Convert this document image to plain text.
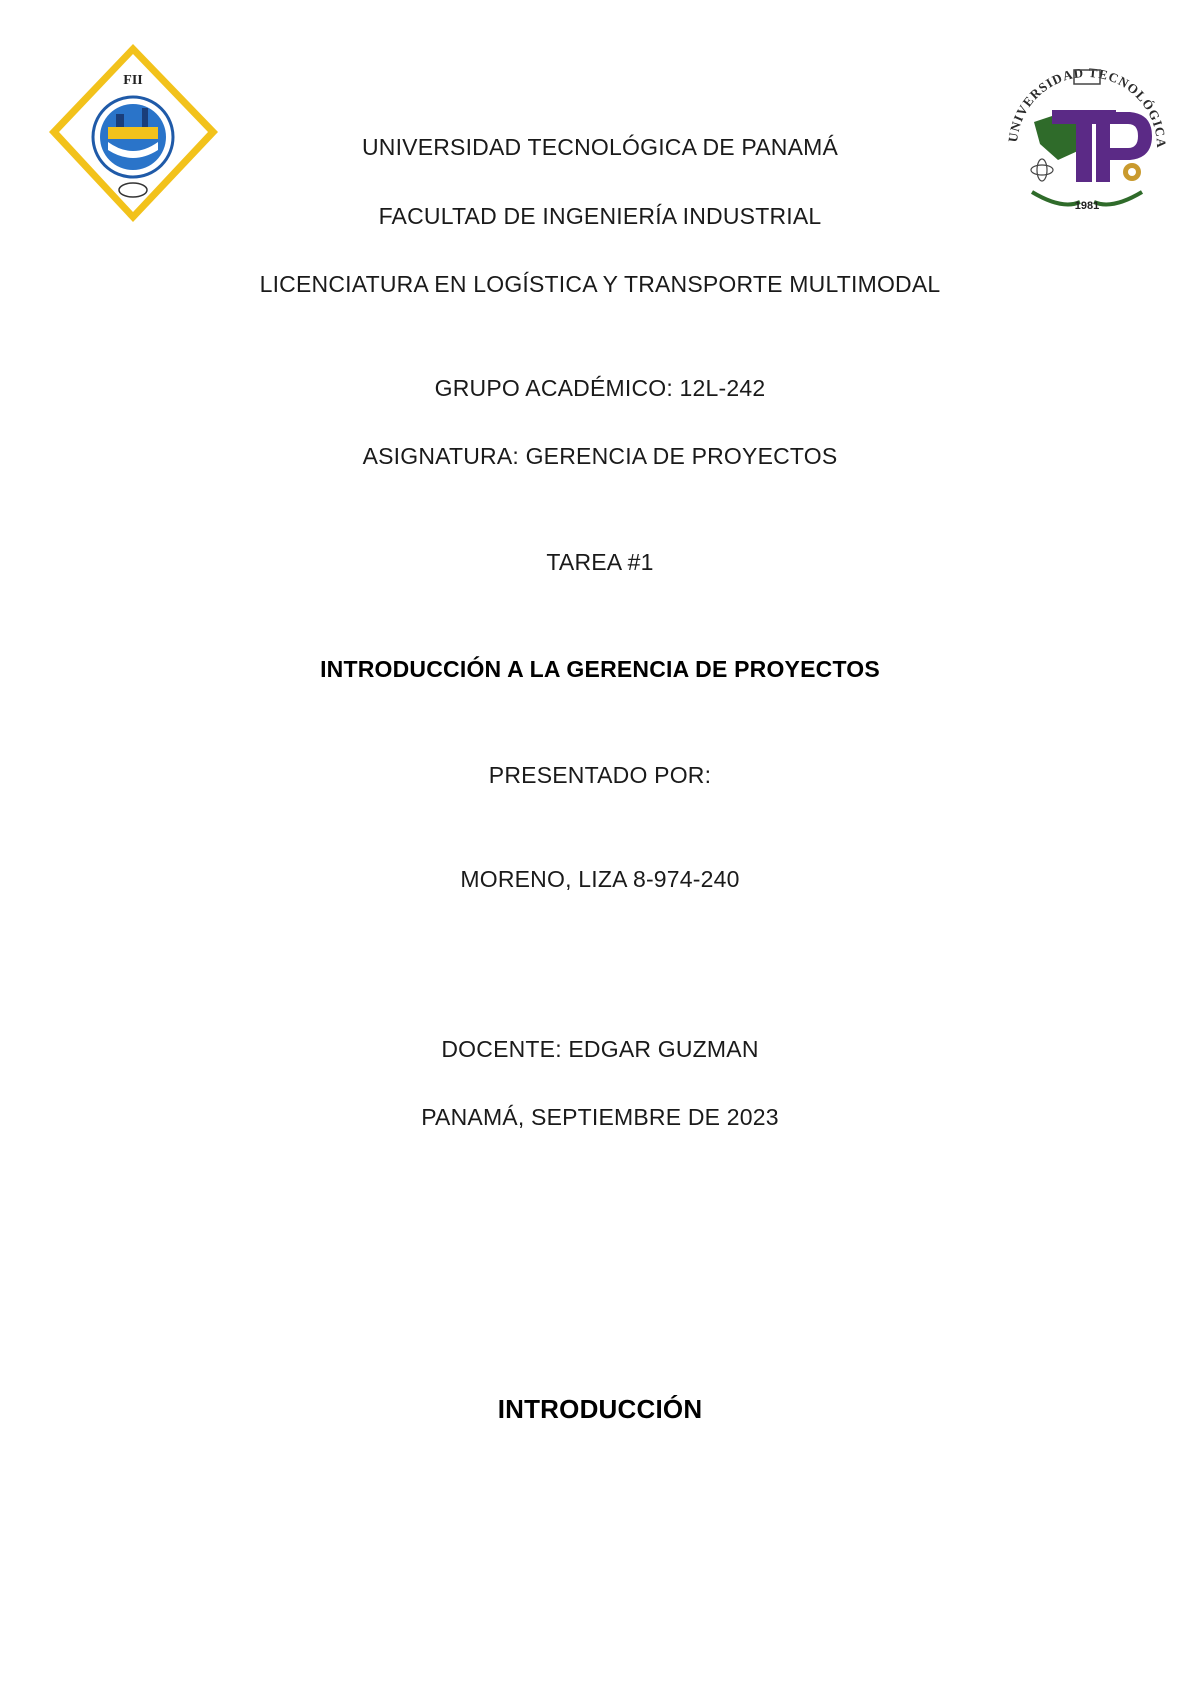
FII
UNIVERSIDAD TECNOLÓGICA
1981
UNIVERSIDAD TECNOLÓGICA DE PANAMÁ
FACULTAD DE INGENIERÍA INDUSTRIAL
LICENCIATURA EN LOGÍSTICA Y TRANSPORTE MULTIMODAL
GRUPO ACADÉMICO: 12L-242
ASIGNATURA: GERENCIA DE PROYECTOS
TAREA #1
INTRODUCCIÓN A LA GERENCIA DE PROYECTOS
PRESENTADO POR:
MORENO, LIZA 8-974-240
DOCENTE: EDGAR GUZMAN
PANAMÁ, SEPTIEMBRE DE 2023
INTRODUCCIÓN
